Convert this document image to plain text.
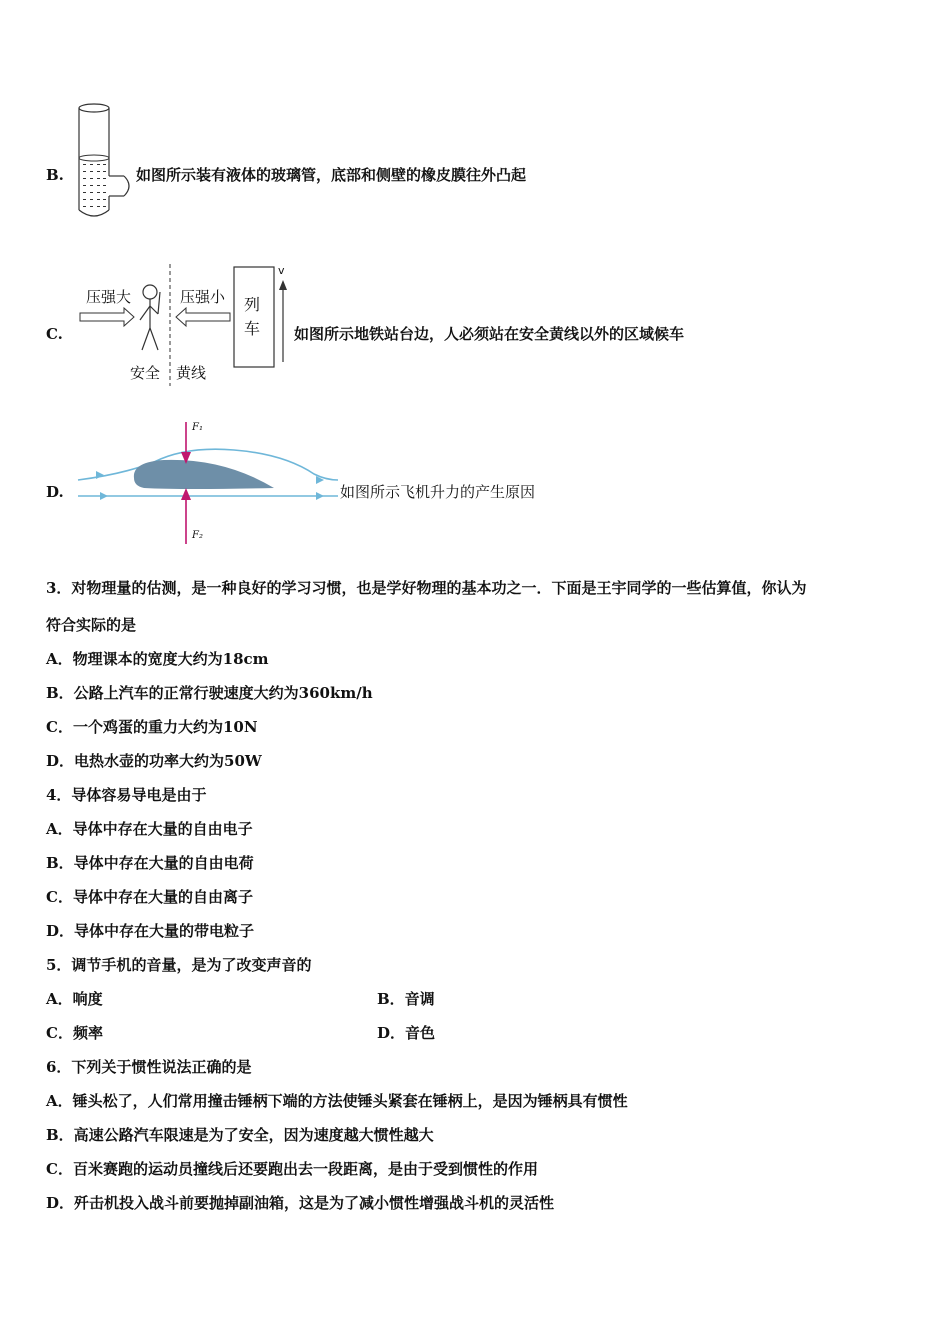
B.	如图所示装有液体的玻璃管，底部和侧壁的橡皮膜往外凸起
C.
压强大	压强小 列
车
v
安全 黄线
如图所示地铁站台边，人必须站在安全黄线以外的区域候车
D.
F₁
F₂
如图所示飞机升力的产生原因
3．对物理量的估测，是一种良好的学习习惯，也是学好物理的基本功之一．下面是王宇同学的一些估算值，你认为
符合实际的是
A．物理课本的宽度大约为18cm
B．公路上汽车的正常行驶速度大约为360km/h
C．一个鸡蛋的重力大约为10N
D．电热水壶的功率大约为50W
4．导体容易导电是由于
A．导体中存在大量的自由电子
B．导体中存在大量的自由电荷
C．导体中存在大量的自由离子
D．导体中存在大量的带电粒子
5．调节手机的音量，是为了改变声音的
A．响度	B．音调
C．频率	D．音色
6．下列关于惯性说法正确的是
A．锤头松了，人们常用撞击锤柄下端的方法使锤头紧套在锤柄上，是因为锤柄具有惯性
B．高速公路汽车限速是为了安全，因为速度越大惯性越大
C．百米赛跑的运动员撞线后还要跑出去一段距离，是由于受到惯性的作用
D．歼击机投入战斗前要抛掉副油箱，这是为了减小惯性增强战斗机的灵活性
